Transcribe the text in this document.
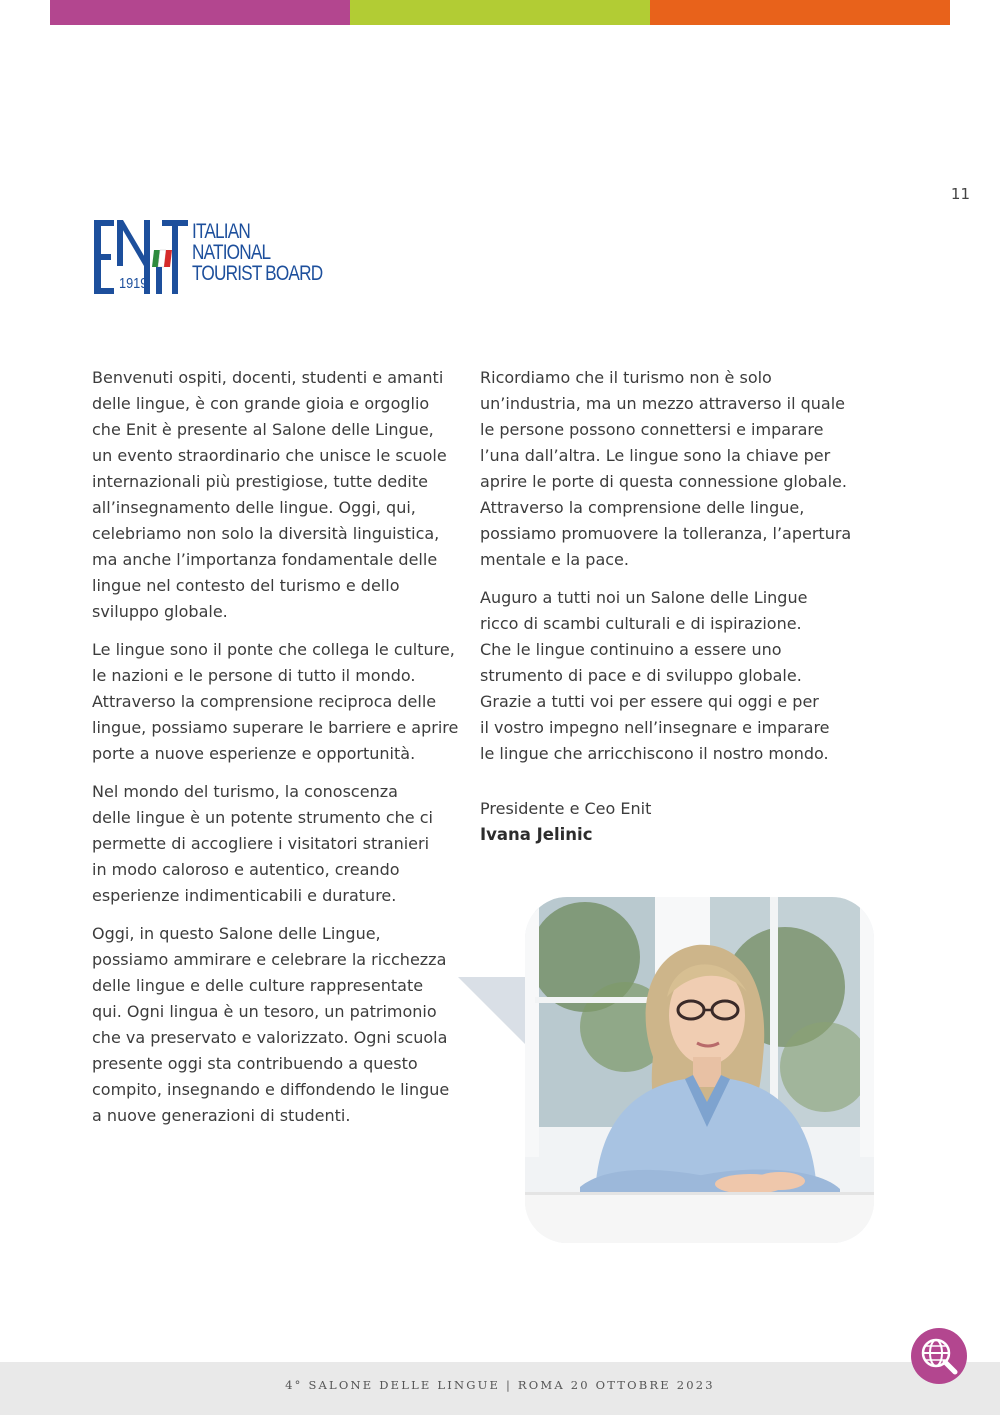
11
1919
ITALIAN
NATIONAL
TOURIST BOARD

Benvenuti ospiti, docenti, studenti e amanti
delle lingue, è con grande gioia e orgoglio
che Enit è presente al Salone delle Lingue,
un evento straordinario che unisce le scuole
internazionali più prestigiose, tutte dedite
all’insegnamento delle lingue. Oggi, qui,
celebriamo non solo la diversità linguistica,
ma anche l’importanza fondamentale delle
lingue nel contesto del turismo e dello
sviluppo globale.

Le lingue sono il ponte che collega le culture,
le nazioni e le persone di tutto il mondo.
Attraverso la comprensione reciproca delle
lingue, possiamo superare le barriere e aprire
porte a nuove esperienze e opportunità.

Nel mondo del turismo, la conoscenza
delle lingue è un potente strumento che ci
permette di accogliere i visitatori stranieri
in modo caloroso e autentico, creando
esperienze indimenticabili e durature.

Oggi, in questo Salone delle Lingue,
possiamo ammirare e celebrare la ricchezza
delle lingue e delle culture rappresentate
qui. Ogni lingua è un tesoro, un patrimonio
che va preservato e valorizzato. Ogni scuola
presente oggi sta contribuendo a questo
compito, insegnando e diffondendo le lingue
a nuove generazioni di studenti.

Ricordiamo che il turismo non è solo
un’industria, ma un mezzo attraverso il quale
le persone possono connettersi e imparare
l’una dall’altra. Le lingue sono la chiave per
aprire le porte di questa connessione globale.
Attraverso la comprensione delle lingue,
possiamo promuovere la tolleranza, l’apertura
mentale e la pace.

Auguro a tutti noi un Salone delle Lingue
ricco di scambi culturali e di ispirazione.
Che le lingue continuino a essere uno
strumento di pace e di sviluppo globale.
Grazie a tutti voi per essere qui oggi e per
il vostro impegno nell’insegnare e imparare
le lingue che arricchiscono il nostro mondo.

Presidente e Ceo Enit
Ivana Jelinic
4° SALONE DELLE LINGUE | ROMA 20 OTTOBRE 2023
